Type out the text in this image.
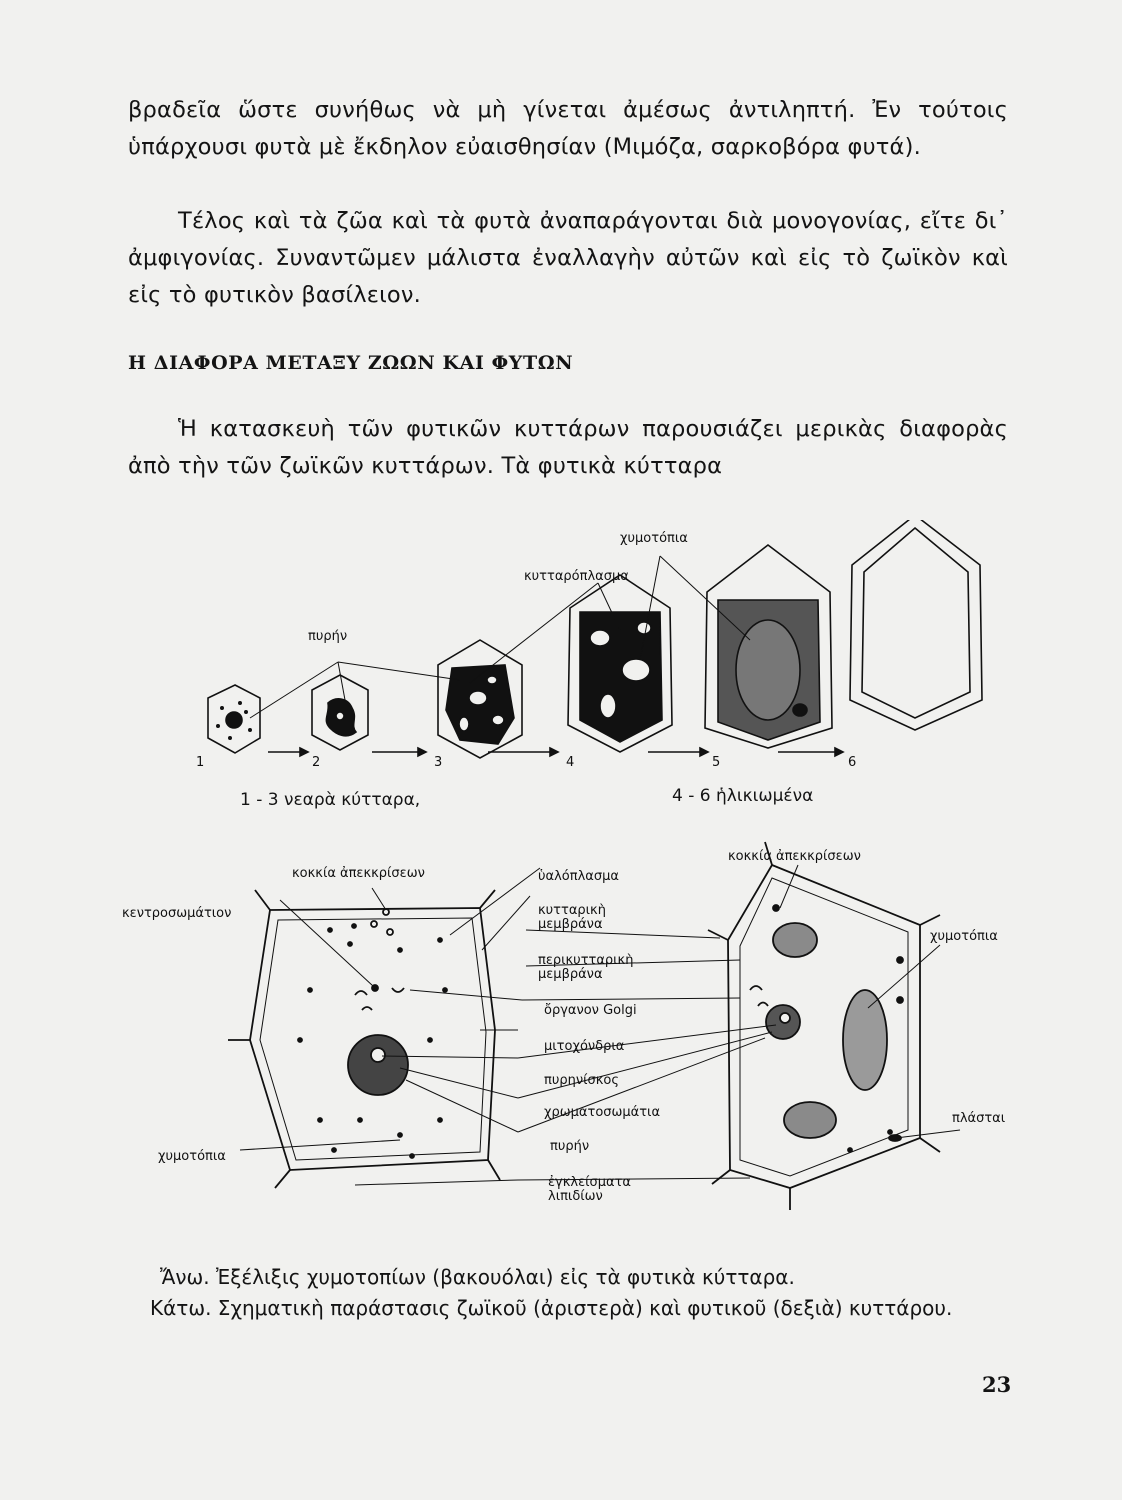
βραδεῖα ὥστε συνήθως νὰ μὴ γίνεται ἀμέσως ἀντιληπτή. Ἐν τούτοις ὑπάρχουσι φυτὰ μὲ ἔκδηλον εὐαισθησίαν (Μιμόζα, σαρκοβόρα φυτά).

Τέλος καὶ τὰ ζῶα καὶ τὰ φυτὰ ἀναπαράγονται διὰ μονογονίας, εἴτε δι᾽ ἀμφιγονίας. Συναντῶμεν μάλιστα ἐναλλαγὴν αὐτῶν καὶ εἰς τὸ ζωϊκὸν καὶ εἰς τὸ φυτικὸν βασίλειον.

Η ΔΙΑΦΟΡΑ ΜΕΤΑΞΥ ΖΩΩΝ ΚΑΙ ΦΥΤΩΝ

Ἡ κατασκευὴ τῶν φυτικῶν κυττάρων παρουσιάζει μερικὰς διαφορὰς ἀπὸ τὴν τῶν ζωϊκῶν κυττάρων. Τὰ φυτικὰ κύτταρα

χυμοτόπια
κυτταρόπλασμα
πυρήν
1	2	3	4	5	6
1 - 3 νεαρὰ κύτταρα,	4 - 6 ἡλικιωμένα
κοκκία ἀπεκκρίσεων
κεντροσωμάτιον
ὑαλόπλασμα
κυτταρικὴ μεμβράνα
περικυτταρικὴ μεμβράνα
ὄργανον Golgi
μιτοχόνδρια
πυρηνίσκος
χρωματοσωμάτια
πυρήν
ἐγκλείσματα λιπιδίων
χυμοτόπια
κοκκία ἀπεκκρίσεων
χυμοτόπια
πλάσται

Ἄνω. Ἐξέλιξις χυμοτοπίων (βακουόλαι) εἰς τὰ φυτικὰ κύτταρα.
Κάτω. Σχηματικὴ παράστασις ζωϊκοῦ (ἀριστερὰ) καὶ φυτικοῦ (δεξιὰ) κυττάρου.

23
